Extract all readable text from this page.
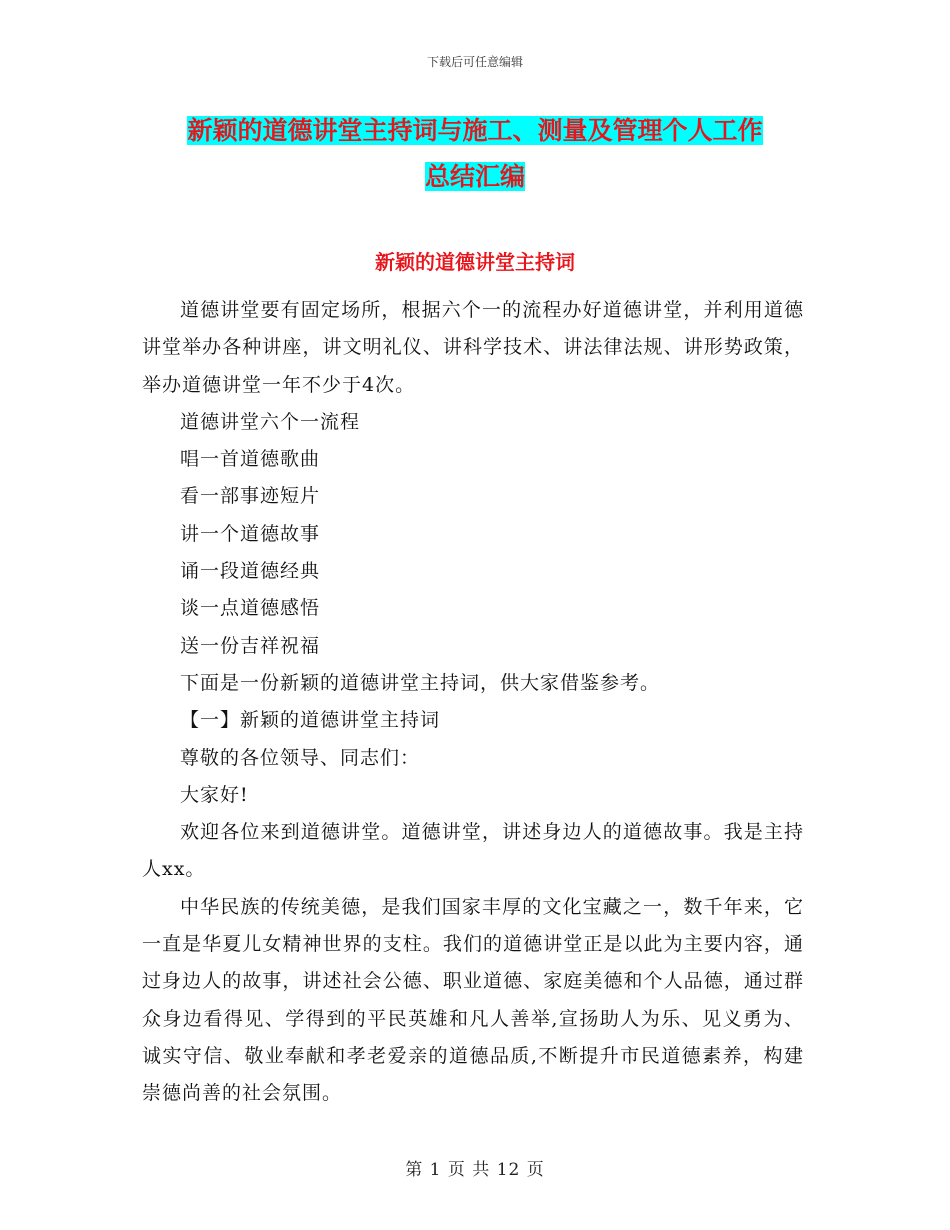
下载后可任意编辑
新颖的道德讲堂主持词与施工、测量及管理个人工作
总结汇编
新颖的道德讲堂主持词

道德讲堂要有固定场所，根据六个一的流程办好道德讲堂，并利用道德讲堂举办各种讲座，讲文明礼仪、讲科学技术、讲法律法规、讲形势政策，举办道德讲堂一年不少于4次。

道德讲堂六个一流程

唱一首道德歌曲

看一部事迹短片

讲一个道德故事

诵一段道德经典

谈一点道德感悟

送一份吉祥祝福

下面是一份新颖的道德讲堂主持词，供大家借鉴参考。

【一】新颖的道德讲堂主持词

尊敬的各位领导、同志们：

大家好!

欢迎各位来到道德讲堂。道德讲堂，讲述身边人的道德故事。我是主持人xx。

中华民族的传统美德，是我们国家丰厚的文化宝藏之一，数千年来，它一直是华夏儿女精神世界的支柱。我们的道德讲堂正是以此为主要内容，通过身边人的故事，讲述社会公德、职业道德、家庭美德和个人品德，通过群众身边看得见、学得到的平民英雄和凡人善举,宣扬助人为乐、见义勇为、诚实守信、敬业奉献和孝老爱亲的道德品质,不断提升市民道德素养，构建崇德尚善的社会氛围。

第 1 页 共 12 页
